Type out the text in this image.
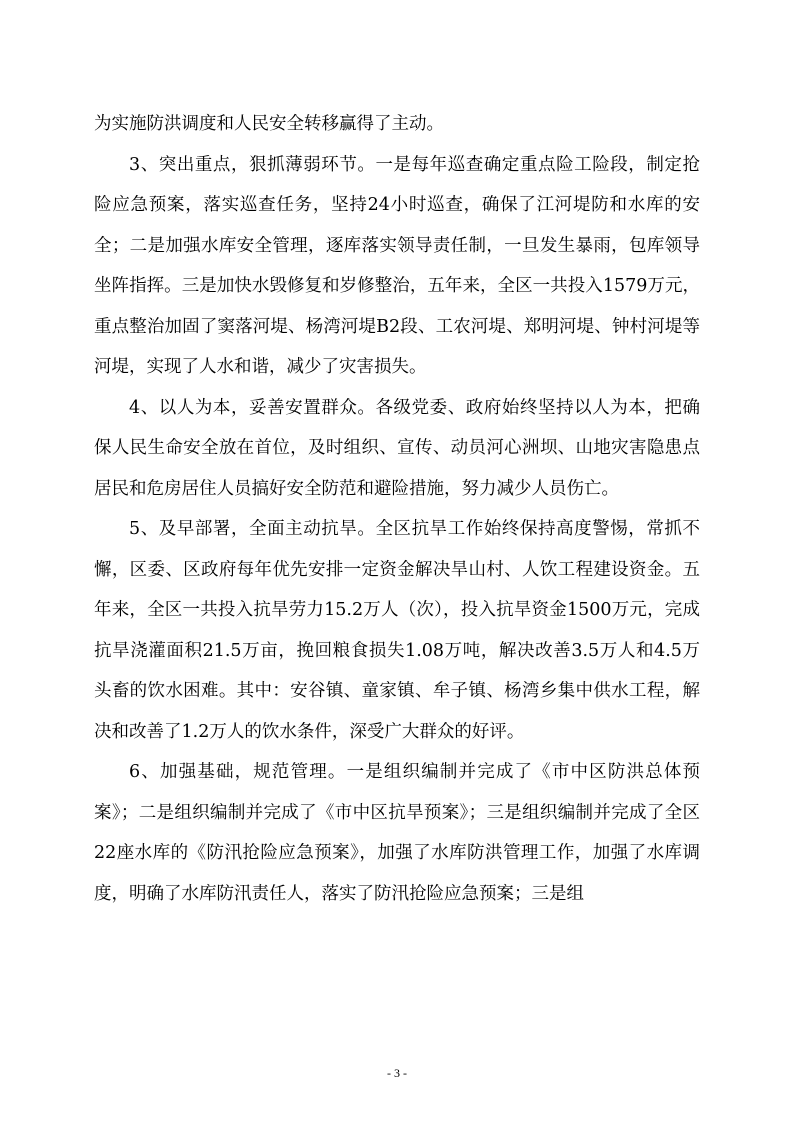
为实施防洪调度和人民安全转移赢得了主动。

3、突出重点，狠抓薄弱环节。一是每年巡查确定重点险工险段，制定抢险应急预案，落实巡查任务，坚持24小时巡查，确保了江河堤防和水库的安全；二是加强水库安全管理，逐库落实领导责任制，一旦发生暴雨，包库领导坐阵指挥。三是加快水毁修复和岁修整治，五年来，全区一共投入1579万元，重点整治加固了窦落河堤、杨湾河堤B2段、工农河堤、郑明河堤、钟村河堤等河堤，实现了人水和谐，减少了灾害损失。

4、以人为本，妥善安置群众。各级党委、政府始终坚持以人为本，把确保人民生命安全放在首位，及时组织、宣传、动员河心洲坝、山地灾害隐患点居民和危房居住人员搞好安全防范和避险措施，努力减少人员伤亡。

5、及早部署，全面主动抗旱。全区抗旱工作始终保持高度警惕，常抓不懈，区委、区政府每年优先安排一定资金解决旱山村、人饮工程建设资金。五年来，全区一共投入抗旱劳力15.2万人（次），投入抗旱资金1500万元，完成抗旱浇灌面积21.5万亩，挽回粮食损失1.08万吨，解决改善3.5万人和4.5万头畜的饮水困难。其中：安谷镇、童家镇、牟子镇、杨湾乡集中供水工程，解决和改善了1.2万人的饮水条件，深受广大群众的好评。

6、加强基础，规范管理。一是组织编制并完成了《市中区防洪总体预案》；二是组织编制并完成了《市中区抗旱预案》；三是组织编制并完成了全区22座水库的《防汛抢险应急预案》，加强了水库防洪管理工作，加强了水库调度，明确了水库防汛责任人，落实了防汛抢险应急预案；三是组

- 3 -
